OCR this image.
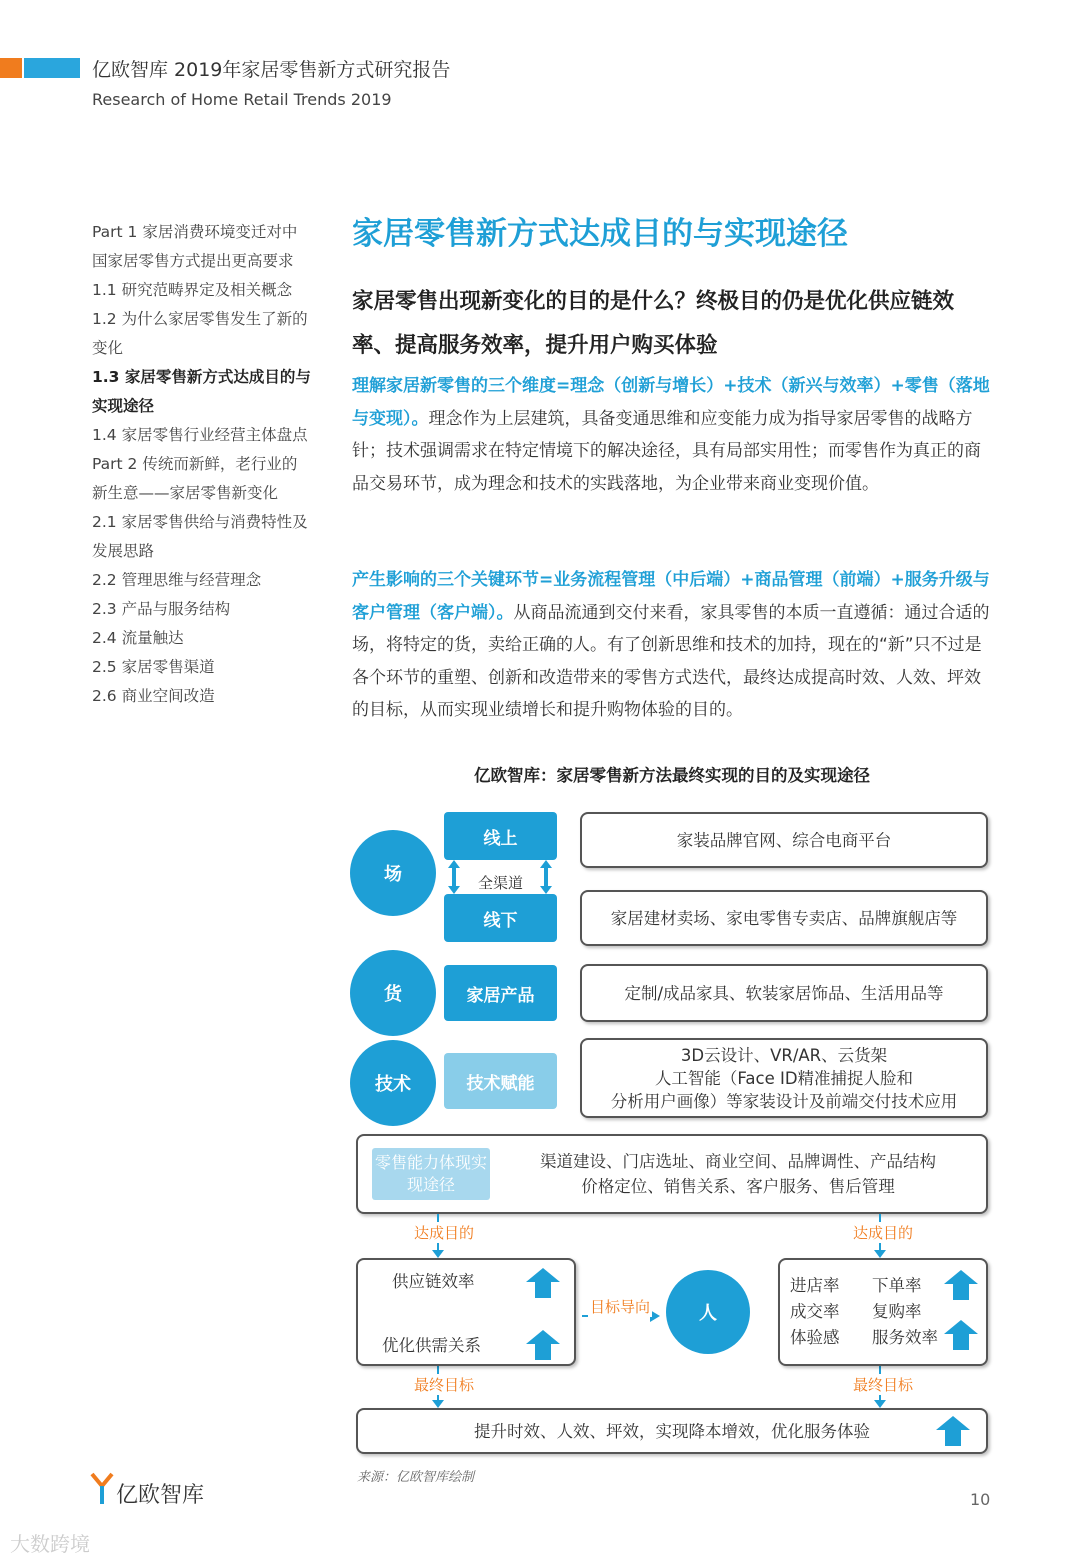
亿欧智库 2019年家居零售新方式研究报告
Research of Home Retail Trends 2019
Part 1 家居消费环境变迁对中
国家居零售方式提出更高要求
1.1 研究范畴界定及相关概念
1.2 为什么家居零售发生了新的
变化
1.3 家居零售新方式达成目的与
实现途径
1.4 家居零售行业经营主体盘点
Part 2 传统而新鲜，老行业的
新生意——家居零售新变化
2.1 家居零售供给与消费特性及
发展思路
2.2 管理思维与经营理念
2.3 产品与服务结构
2.4 流量触达
2.5 家居零售渠道
2.6 商业空间改造
家居零售新方式达成目的与实现途径
家居零售出现新变化的目的是什么？终极目的仍是优化供应链效率、提高服务效率，提升用户购买体验
理解家居新零售的三个维度=理念（创新与增长）+技术（新兴与效率）+零售（落地与变现）。理念作为上层建筑，具备变通思维和应变能力成为指导家居零售的战略方针；技术强调需求在特定情境下的解决途径，具有局部实用性；而零售作为真正的商品交易环节，成为理念和技术的实践落地，为企业带来商业变现价值。
产生影响的三个关键环节=业务流程管理（中后端）+商品管理（前端）+服务升级与客户管理（客户端）。从商品流通到交付来看，家具零售的本质一直遵循：通过合适的场，将特定的货，卖给正确的人。有了创新思维和技术的加持，现在的“新”只不过是各个环节的重塑、创新和改造带来的零售方式迭代，最终达成提高时效、人效、坪效的目标，从而实现业绩增长和提升购物体验的目的。
亿欧智库：家居零售新方法最终实现的目的及实现途径
场
线上
全渠道
线下
家装品牌官网、综合电商平台
家居建材卖场、家电零售专卖店、品牌旗舰店等
货	家居产品	定制/成品家具、软装家居饰品、生活用品等
技术	技术赋能
3D云设计、VR/AR、云货架
人工智能（Face ID精准捕捉人脸和
分析用户画像）等家装设计及前端交付技术应用
零售能力体现实现途径
渠道建设、门店选址、商业空间、品牌调性、产品结构
价格定位、销售关系、客户服务、售后管理
达成目的	达成目的
供应链效率
优化供需关系
目标导向	人
进店率 下单率
成交率 复购率
体验感 服务效率
最终目标	最终目标
提升时效、人效、坪效，实现降本增效，优化服务体验
来源：亿欧智库绘制
亿欧智库	10
大数跨境
